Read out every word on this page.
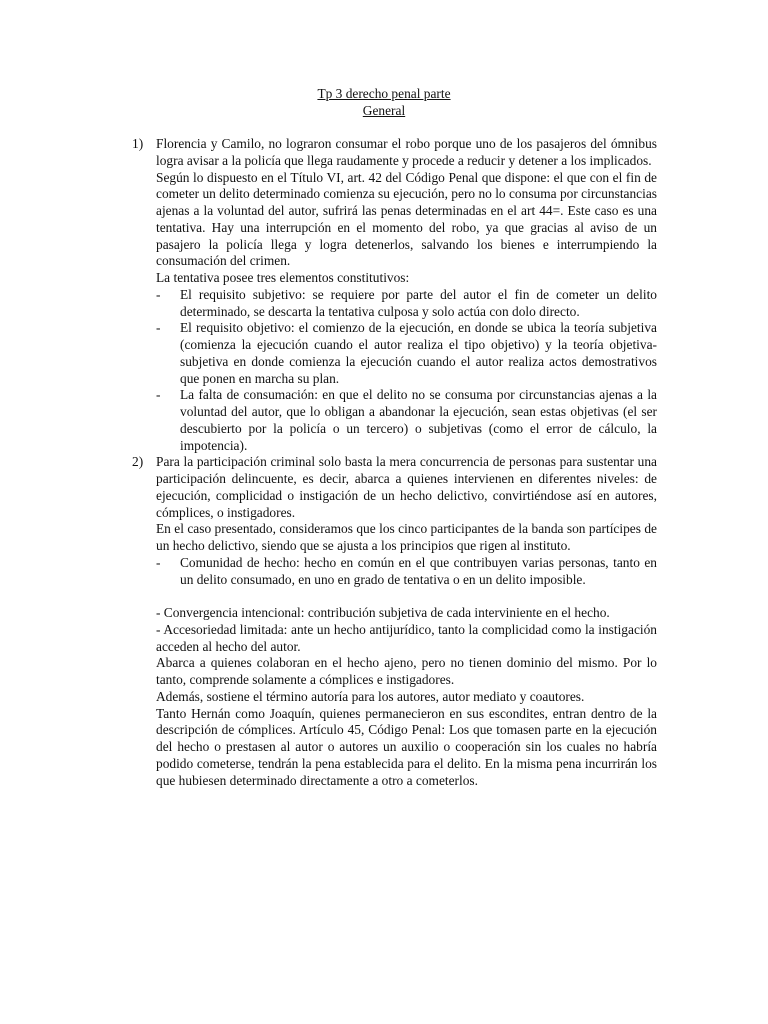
Tp 3 derecho penal parte
General
1) Florencia y Camilo, no lograron consumar el robo porque uno de los pasajeros del ómnibus logra avisar a la policía que llega raudamente y procede a reducir y detener a los implicados.

Según lo dispuesto en el Título VI, art. 42 del Código Penal que dispone: el que con el fin de cometer un delito determinado comienza su ejecución, pero no lo consuma por circunstancias ajenas a la voluntad del autor, sufrirá las penas determinadas en el art 44=. Este caso es una tentativa. Hay una interrupción en el momento del robo, ya que gracias al aviso de un pasajero la policía llega y logra detenerlos, salvando los bienes e interrumpiendo la consumación del crimen.

La tentativa posee tres elementos constitutivos:

- El requisito subjetivo: se requiere por parte del autor el fin de cometer un delito determinado, se descarta la tentativa culposa y solo actúa con dolo directo.

- El requisito objetivo: el comienzo de la ejecución, en donde se ubica la teoría subjetiva (comienza la ejecución cuando el autor realiza el tipo objetivo) y la teoría objetiva-subjetiva en donde comienza la ejecución cuando el autor realiza actos demostrativos que ponen en marcha su plan.

- La falta de consumación: en que el delito no se consuma por circunstancias ajenas a la voluntad del autor, que lo obligan a abandonar la ejecución, sean estas objetivas (el ser descubierto por la policía o un tercero) o subjetivas (como el error de cálculo, la impotencia).

2) Para la participación criminal solo basta la mera concurrencia de personas para sustentar una participación delincuente, es decir, abarca a quienes intervienen en diferentes niveles: de ejecución, complicidad o instigación de un hecho delictivo, convirtiéndose así en autores, cómplices, o instigadores.

En el caso presentado, consideramos que los cinco participantes de la banda son partícipes de un hecho delictivo, siendo que se ajusta a los principios que rigen al instituto.

- Comunidad de hecho: hecho en común en el que contribuyen varias personas, tanto en un delito consumado, en uno en grado de tentativa o en un delito imposible.

- Convergencia intencional: contribución subjetiva de cada interviniente en el hecho.

- Accesoriedad limitada: ante un hecho antijurídico, tanto la complicidad como la instigación acceden al hecho del autor.

Abarca a quienes colaboran en el hecho ajeno, pero no tienen dominio del mismo. Por lo tanto, comprende solamente a cómplices e instigadores.

Además, sostiene el término autoría para los autores, autor mediato y coautores.

Tanto Hernán como Joaquín, quienes permanecieron en sus escondites, entran dentro de la descripción de cómplices. Artículo 45, Código Penal: Los que tomasen parte en la ejecución del hecho o prestasen al autor o autores un auxilio o cooperación sin los cuales no habría podido cometerse, tendrán la pena establecida para el delito. En la misma pena incurrirán los que hubiesen determinado directamente a otro a cometerlos.
